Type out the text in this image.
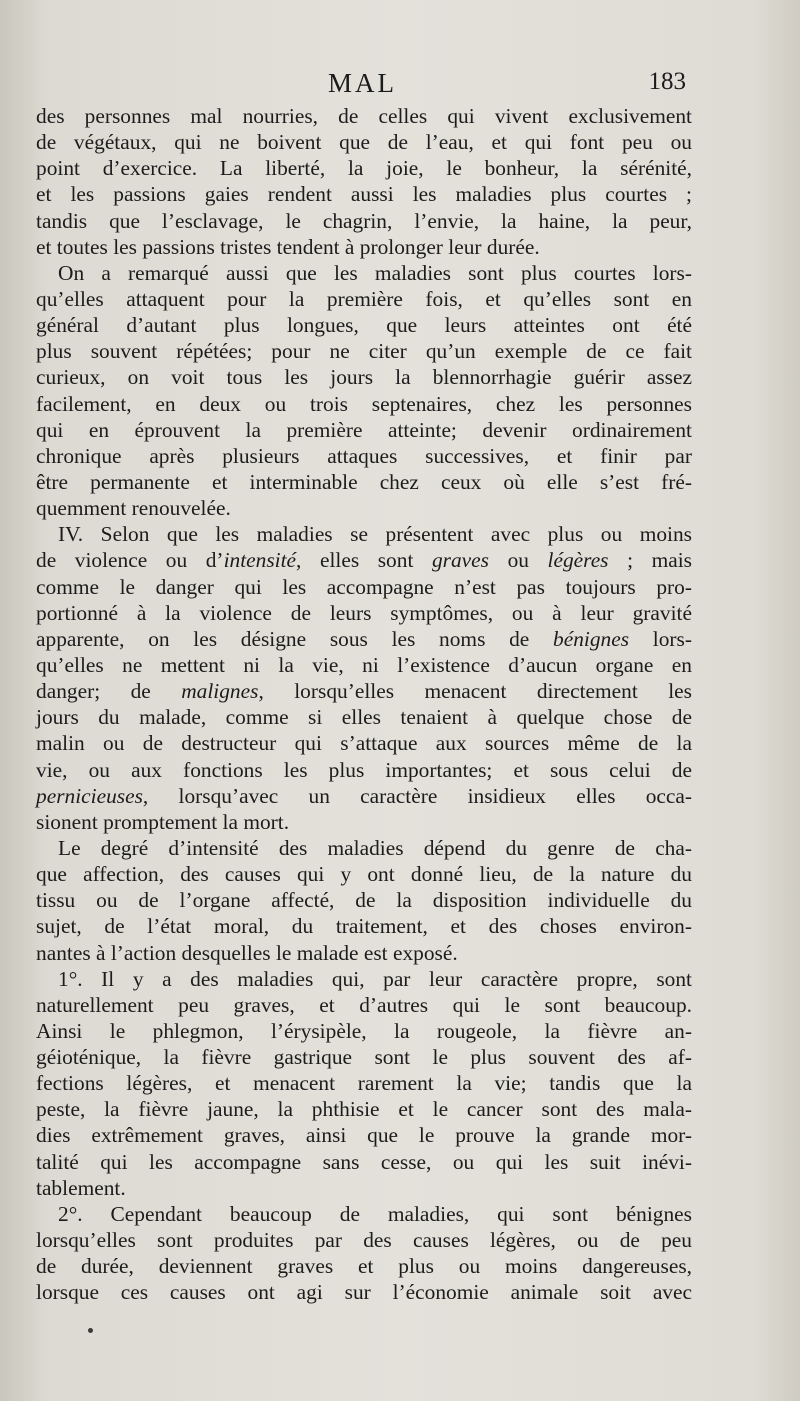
MAL	183
des personnes mal nourries, de celles qui vivent exclusivement
de végétaux, qui ne boivent que de l’eau, et qui font peu ou
point d’exercice. La liberté, la joie, le bonheur, la sérénité,
et les passions gaies rendent aussi les maladies plus courtes ;
tandis que l’esclavage, le chagrin, l’envie, la haine, la peur,
et toutes les passions tristes tendent à prolonger leur durée.
On a remarqué aussi que les maladies sont plus courtes lors-
qu’elles attaquent pour la première fois, et qu’elles sont en
général d’autant plus longues, que leurs atteintes ont été
plus souvent répétées; pour ne citer qu’un exemple de ce fait
curieux, on voit tous les jours la blennorrhagie guérir assez
facilement, en deux ou trois septenaires, chez les personnes
qui en éprouvent la première atteinte; devenir ordinairement
chronique après plusieurs attaques successives, et finir par
être permanente et interminable chez ceux où elle s’est fré-
quemment renouvelée.
IV. Selon que les maladies se présentent avec plus ou moins
de violence ou d’intensité, elles sont graves ou légères ; mais
comme le danger qui les accompagne n’est pas toujours pro-
portionné à la violence de leurs symptômes, ou à leur gravité
apparente, on les désigne sous les noms de bénignes lors-
qu’elles ne mettent ni la vie, ni l’existence d’aucun organe en
danger; de malignes, lorsqu’elles menacent directement les
jours du malade, comme si elles tenaient à quelque chose de
malin ou de destructeur qui s’attaque aux sources même de la
vie, ou aux fonctions les plus importantes; et sous celui de
pernicieuses, lorsqu’avec un caractère insidieux elles occa-
sionent promptement la mort.
Le degré d’intensité des maladies dépend du genre de cha-
que affection, des causes qui y ont donné lieu, de la nature du
tissu ou de l’organe affecté, de la disposition individuelle du
sujet, de l’état moral, du traitement, et des choses environ-
nantes à l’action desquelles le malade est exposé.
1°. Il y a des maladies qui, par leur caractère propre, sont
naturellement peu graves, et d’autres qui le sont beaucoup.
Ainsi le phlegmon, l’érysipèle, la rougeole, la fièvre an-
géioténique, la fièvre gastrique sont le plus souvent des af-
fections légères, et menacent rarement la vie; tandis que la
peste, la fièvre jaune, la phthisie et le cancer sont des mala-
dies extrêmement graves, ainsi que le prouve la grande mor-
talité qui les accompagne sans cesse, ou qui les suit inévi-
tablement.
2°. Cependant beaucoup de maladies, qui sont bénignes
lorsqu’elles sont produites par des causes légères, ou de peu
de durée, deviennent graves et plus ou moins dangereuses,
lorsque ces causes ont agi sur l’économie animale soit avec
